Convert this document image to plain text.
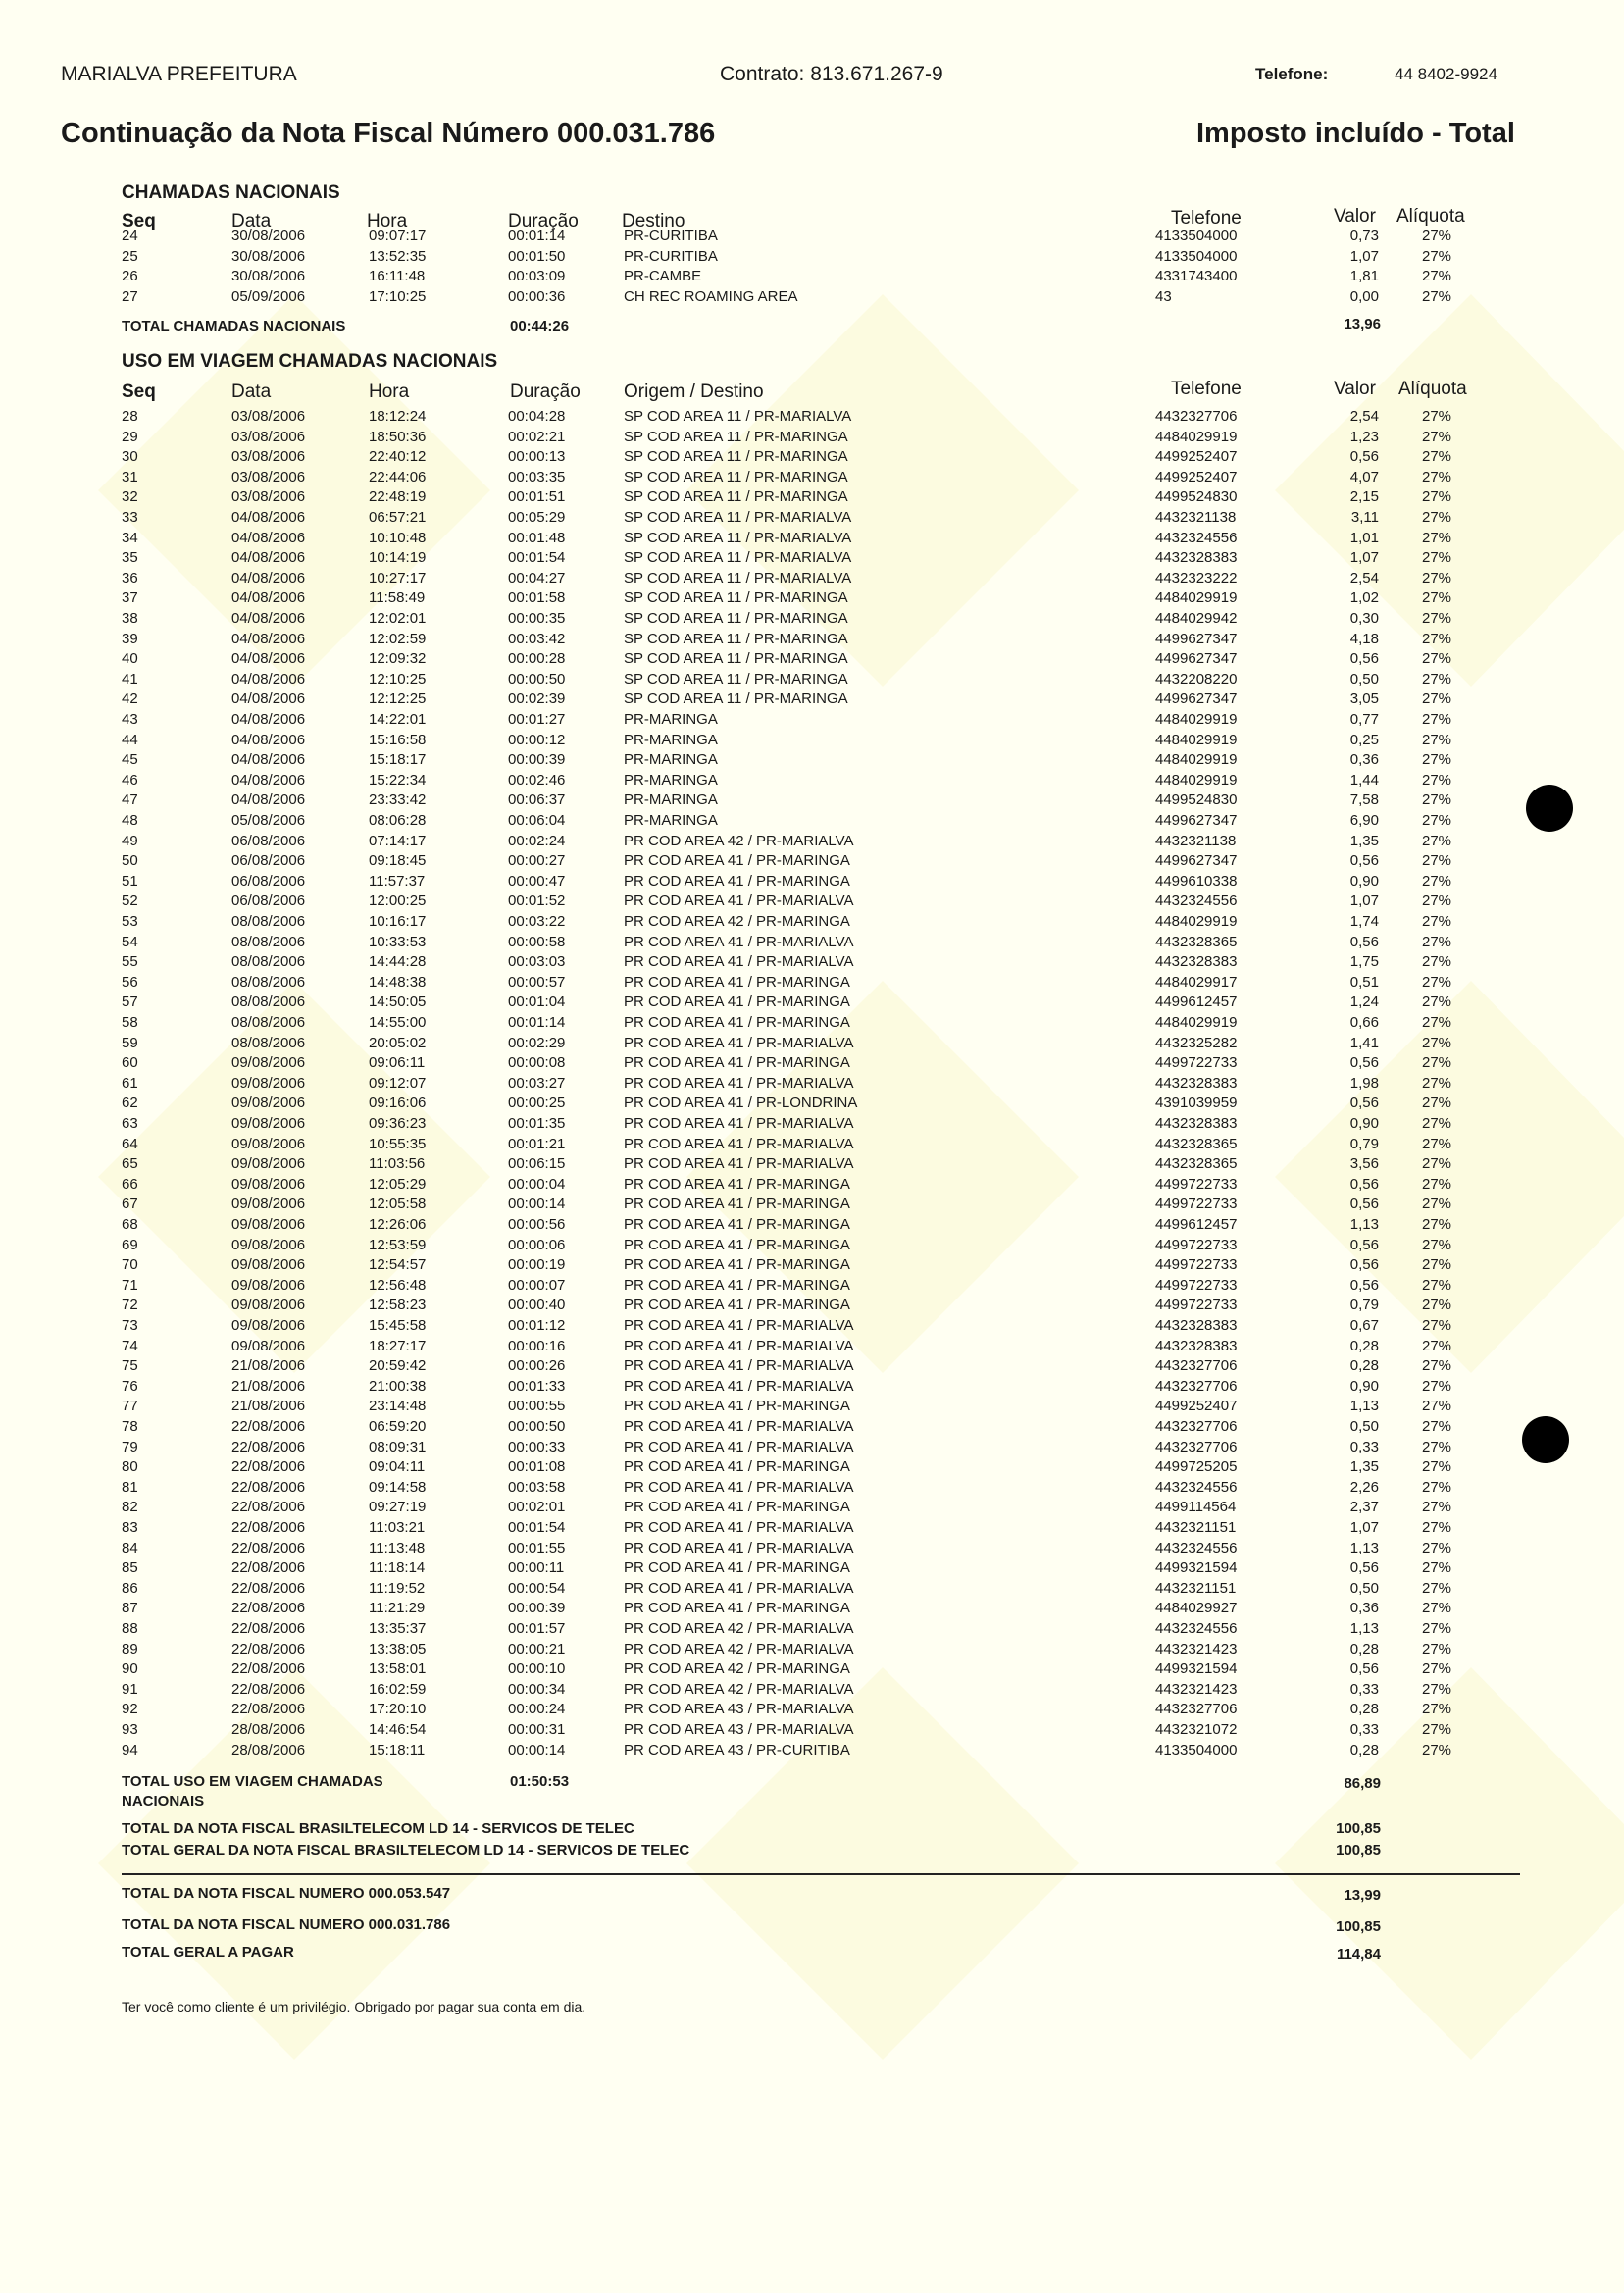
MARIALVA PREFEITURA	Contrato: 813.671.267-9	Telefone:	44 8402-9924
Continuação da Nota Fiscal Número 000.031.786	Imposto incluído - Total
CHAMADAS NACIONAIS
Seq	Data	Hora	Duração Destino	Telefone	Valor Alíquota
24	30/08/2006	09:07:17	00:01:14	PR-CURITIBA	4133504000	0,73	27%
25	30/08/2006	13:52:35	00:01:50	PR-CURITIBA	4133504000	1,07	27%
26	30/08/2006	16:11:48	00:03:09	PR-CAMBE	4331743400	1,81	27%
27	05/09/2006	17:10:25	00:00:36	CH REC ROAMING AREA	43	0,00	27%
TOTAL CHAMADAS NACIONAIS	00:44:26	13,96
USO EM VIAGEM CHAMADAS NACIONAIS
Seq	Data	Hora	Duração Origem / Destino	Telefone	Valor Alíquota
28	03/08/2006	18:12:24	00:04:28	SP COD AREA 11 / PR-MARIALVA	4432327706	2,54	27%
29	03/08/2006	18:50:36	00:02:21	SP COD AREA 11 / PR-MARINGA	4484029919	1,23	27%
30	03/08/2006	22:40:12	00:00:13	SP COD AREA 11 / PR-MARINGA	4499252407	0,56	27%
31	03/08/2006	22:44:06	00:03:35	SP COD AREA 11 / PR-MARINGA	4499252407	4,07	27%
32	03/08/2006	22:48:19	00:01:51	SP COD AREA 11 / PR-MARINGA	4499524830	2,15	27%
33	04/08/2006	06:57:21	00:05:29	SP COD AREA 11 / PR-MARIALVA	4432321138	3,11	27%
34	04/08/2006	10:10:48	00:01:48	SP COD AREA 11 / PR-MARIALVA	4432324556	1,01	27%
35	04/08/2006	10:14:19	00:01:54	SP COD AREA 11 / PR-MARIALVA	4432328383	1,07	27%
36	04/08/2006	10:27:17	00:04:27	SP COD AREA 11 / PR-MARIALVA	4432323222	2,54	27%
37	04/08/2006	11:58:49	00:01:58	SP COD AREA 11 / PR-MARINGA	4484029919	1,02	27%
38	04/08/2006	12:02:01	00:00:35	SP COD AREA 11 / PR-MARINGA	4484029942	0,30	27%
39	04/08/2006	12:02:59	00:03:42	SP COD AREA 11 / PR-MARINGA	4499627347	4,18	27%
40	04/08/2006	12:09:32	00:00:28	SP COD AREA 11 / PR-MARINGA	4499627347	0,56	27%
41	04/08/2006	12:10:25	00:00:50	SP COD AREA 11 / PR-MARINGA	4432208220	0,50	27%
42	04/08/2006	12:12:25	00:02:39	SP COD AREA 11 / PR-MARINGA	4499627347	3,05	27%
43	04/08/2006	14:22:01	00:01:27	PR-MARINGA	4484029919	0,77	27%
44	04/08/2006	15:16:58	00:00:12	PR-MARINGA	4484029919	0,25	27%
45	04/08/2006	15:18:17	00:00:39	PR-MARINGA	4484029919	0,36	27%
46	04/08/2006	15:22:34	00:02:46	PR-MARINGA	4484029919	1,44	27%
47	04/08/2006	23:33:42	00:06:37	PR-MARINGA	4499524830	7,58	27%
48	05/08/2006	08:06:28	00:06:04	PR-MARINGA	4499627347	6,90	27%
49	06/08/2006	07:14:17	00:02:24	PR COD AREA 42 / PR-MARIALVA	4432321138	1,35	27%
50	06/08/2006	09:18:45	00:00:27	PR COD AREA 41 / PR-MARINGA	4499627347	0,56	27%
51	06/08/2006	11:57:37	00:00:47	PR COD AREA 41 / PR-MARINGA	4499610338	0,90	27%
52	06/08/2006	12:00:25	00:01:52	PR COD AREA 41 / PR-MARIALVA	4432324556	1,07	27%
53	08/08/2006	10:16:17	00:03:22	PR COD AREA 42 / PR-MARINGA	4484029919	1,74	27%
54	08/08/2006	10:33:53	00:00:58	PR COD AREA 41 / PR-MARIALVA	4432328365	0,56	27%
55	08/08/2006	14:44:28	00:03:03	PR COD AREA 41 / PR-MARIALVA	4432328383	1,75	27%
56	08/08/2006	14:48:38	00:00:57	PR COD AREA 41 / PR-MARINGA	4484029917	0,51	27%
57	08/08/2006	14:50:05	00:01:04	PR COD AREA 41 / PR-MARINGA	4499612457	1,24	27%
58	08/08/2006	14:55:00	00:01:14	PR COD AREA 41 / PR-MARINGA	4484029919	0,66	27%
59	08/08/2006	20:05:02	00:02:29	PR COD AREA 41 / PR-MARIALVA	4432325282	1,41	27%
60	09/08/2006	09:06:11	00:00:08	PR COD AREA 41 / PR-MARINGA	4499722733	0,56	27%
61	09/08/2006	09:12:07	00:03:27	PR COD AREA 41 / PR-MARIALVA	4432328383	1,98	27%
62	09/08/2006	09:16:06	00:00:25	PR COD AREA 41 / PR-LONDRINA	4391039959	0,56	27%
63	09/08/2006	09:36:23	00:01:35	PR COD AREA 41 / PR-MARIALVA	4432328383	0,90	27%
64	09/08/2006	10:55:35	00:01:21	PR COD AREA 41 / PR-MARIALVA	4432328365	0,79	27%
65	09/08/2006	11:03:56	00:06:15	PR COD AREA 41 / PR-MARIALVA	4432328365	3,56	27%
66	09/08/2006	12:05:29	00:00:04	PR COD AREA 41 / PR-MARINGA	4499722733	0,56	27%
67	09/08/2006	12:05:58	00:00:14	PR COD AREA 41 / PR-MARINGA	4499722733	0,56	27%
68	09/08/2006	12:26:06	00:00:56	PR COD AREA 41 / PR-MARINGA	4499612457	1,13	27%
69	09/08/2006	12:53:59	00:00:06	PR COD AREA 41 / PR-MARINGA	4499722733	0,56	27%
70	09/08/2006	12:54:57	00:00:19	PR COD AREA 41 / PR-MARINGA	4499722733	0,56	27%
71	09/08/2006	12:56:48	00:00:07	PR COD AREA 41 / PR-MARINGA	4499722733	0,56	27%
72	09/08/2006	12:58:23	00:00:40	PR COD AREA 41 / PR-MARINGA	4499722733	0,79	27%
73	09/08/2006	15:45:58	00:01:12	PR COD AREA 41 / PR-MARIALVA	4432328383	0,67	27%
74	09/08/2006	18:27:17	00:00:16	PR COD AREA 41 / PR-MARIALVA	4432328383	0,28	27%
75	21/08/2006	20:59:42	00:00:26	PR COD AREA 41 / PR-MARIALVA	4432327706	0,28	27%
76	21/08/2006	21:00:38	00:01:33	PR COD AREA 41 / PR-MARIALVA	4432327706	0,90	27%
77	21/08/2006	23:14:48	00:00:55	PR COD AREA 41 / PR-MARINGA	4499252407	1,13	27%
78	22/08/2006	06:59:20	00:00:50	PR COD AREA 41 / PR-MARIALVA	4432327706	0,50	27%
79	22/08/2006	08:09:31	00:00:33	PR COD AREA 41 / PR-MARIALVA	4432327706	0,33	27%
80	22/08/2006	09:04:11	00:01:08	PR COD AREA 41 / PR-MARINGA	4499725205	1,35	27%
81	22/08/2006	09:14:58	00:03:58	PR COD AREA 41 / PR-MARIALVA	4432324556	2,26	27%
82	22/08/2006	09:27:19	00:02:01	PR COD AREA 41 / PR-MARINGA	4499114564	2,37	27%
83	22/08/2006	11:03:21	00:01:54	PR COD AREA 41 / PR-MARIALVA	4432321151	1,07	27%
84	22/08/2006	11:13:48	00:01:55	PR COD AREA 41 / PR-MARIALVA	4432324556	1,13	27%
85	22/08/2006	11:18:14	00:00:11	PR COD AREA 41 / PR-MARINGA	4499321594	0,56	27%
86	22/08/2006	11:19:52	00:00:54	PR COD AREA 41 / PR-MARIALVA	4432321151	0,50	27%
87	22/08/2006	11:21:29	00:00:39	PR COD AREA 41 / PR-MARINGA	4484029927	0,36	27%
88	22/08/2006	13:35:37	00:01:57	PR COD AREA 42 / PR-MARIALVA	4432324556	1,13	27%
89	22/08/2006	13:38:05	00:00:21	PR COD AREA 42 / PR-MARIALVA	4432321423	0,28	27%
90	22/08/2006	13:58:01	00:00:10	PR COD AREA 42 / PR-MARINGA	4499321594	0,56	27%
91	22/08/2006	16:02:59	00:00:34	PR COD AREA 42 / PR-MARIALVA	4432321423	0,33	27%
92	22/08/2006	17:20:10	00:00:24	PR COD AREA 43 / PR-MARIALVA	4432327706	0,28	27%
93	28/08/2006	14:46:54	00:00:31	PR COD AREA 43 / PR-MARIALVA	4432321072	0,33	27%
94	28/08/2006	15:18:11	00:00:14	PR COD AREA 43 / PR-CURITIBA	4133504000	0,28	27%
TOTAL USO EM VIAGEM CHAMADAS
NACIONAIS
01:50:53	86,89
TOTAL DA NOTA FISCAL BRASILTELECOM LD 14 - SERVICOS DE TELEC	100,85
TOTAL GERAL DA NOTA FISCAL BRASILTELECOM LD 14 - SERVICOS DE TELEC	100,85
TOTAL DA NOTA FISCAL NUMERO 000.053.547	13,99
TOTAL DA NOTA FISCAL NUMERO 000.031.786	100,85
TOTAL GERAL A PAGAR	114,84
Ter você como cliente é um privilégio. Obrigado por pagar sua conta em dia.
